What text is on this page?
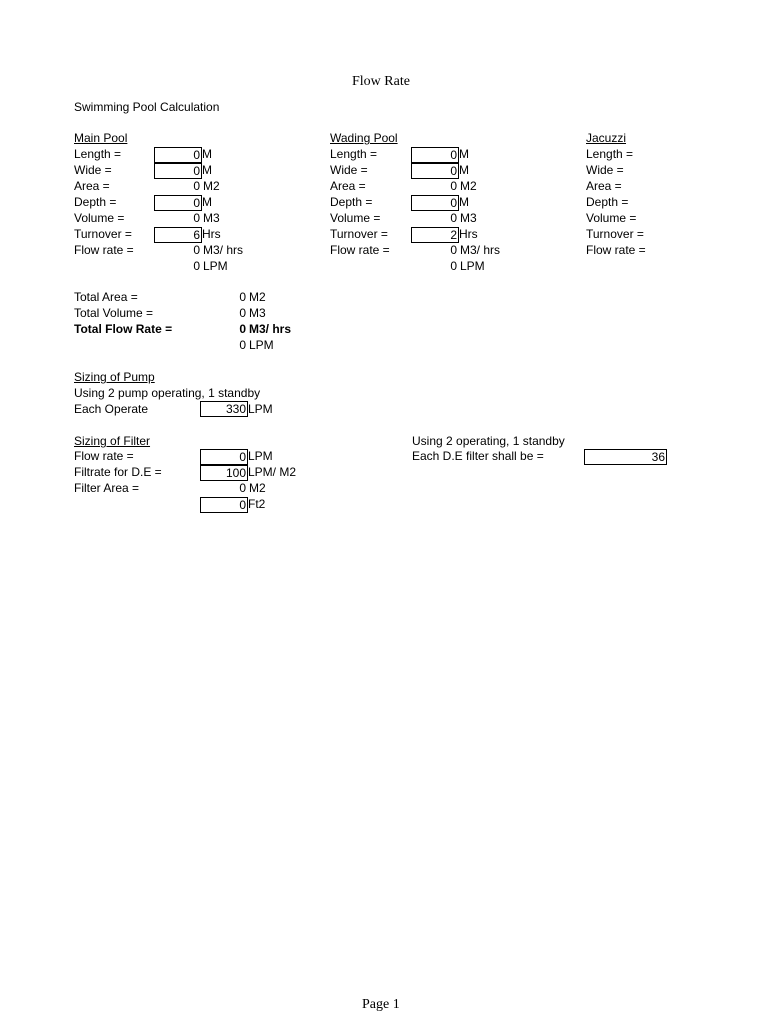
Flow Rate
Swimming Pool Calculation
Main Pool
Length =	0 M
Wide =	0 M
Area =	0 M2
Depth =	0 M
Volume =	0 M3
Turnover =	6 Hrs
Flow rate =	0 M3/ hrs
0 LPM
Wading Pool
Length =	0 M
Wide =	0 M
Area =	0 M2
Depth =	0 M
Volume =	0 M3
Turnover =	2 Hrs
Flow rate =	0 M3/ hrs
0 LPM
Jacuzzi
Length =
Wide =
Area =
Depth =
Volume =
Turnover =
Flow rate =
Total Area =	0 M2
Total Volume =	0 M3
Total Flow Rate =	0 M3/ hrs
0 LPM
Sizing of Pump
Using 2 pump operating, 1 standby
Each Operate	330 LPM
Sizing of Filter
Flow rate =	0 LPM
Filtrate for D.E =	100 LPM/ M2
Filter Area =	0 M2
0 Ft2
Using 2 operating, 1 standby
Each D.E filter shall be =	36
Page 1
